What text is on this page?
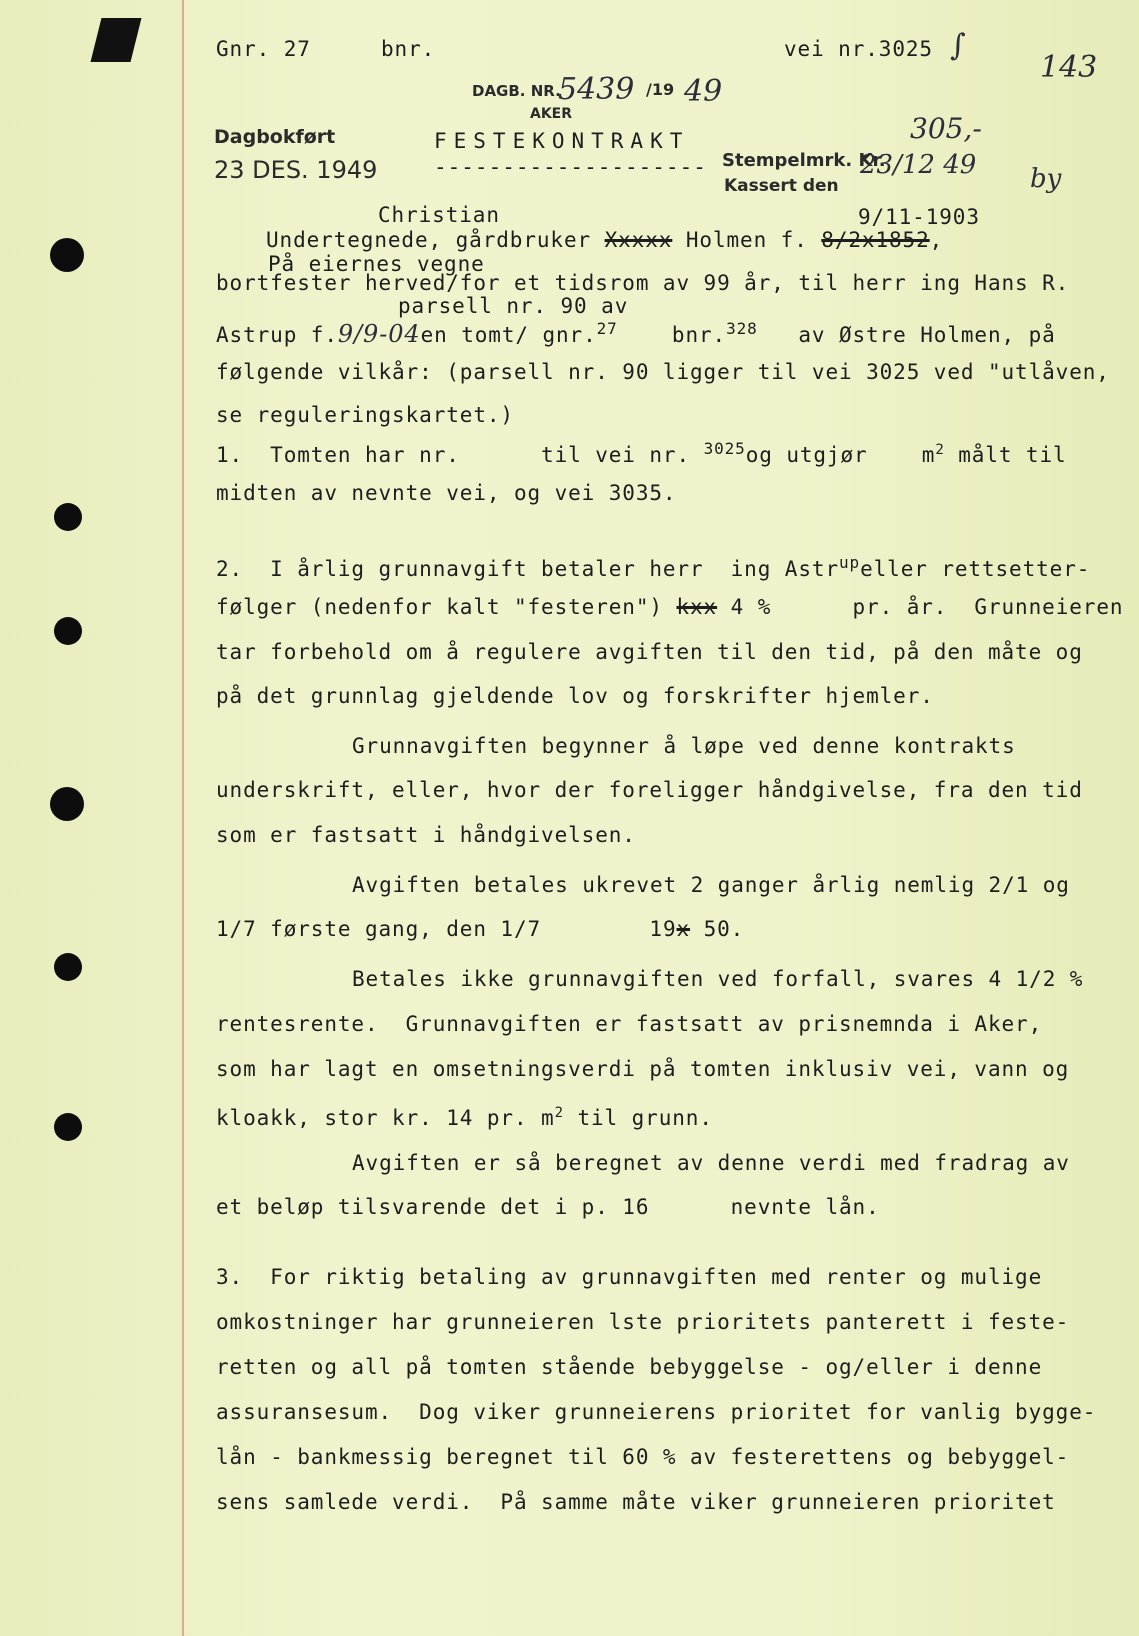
Gnr. 27	bnr.	vei nr.3025 ∫
143
DAGB. NR.
5439 /19 49
AKER
Dagbokført
23 DES. 1949
FESTEKONTRAKT
-------------------- Stempelmrk. Kr.
305,-
Kassert den
23/12 49 by
Christian	9/11-1903
Undertegnede, gårdbruker Xxxxx Holmen f. 8/2x1852,
På eiernes vegne
bortfester herved/for et tidsrom av 99 år, til herr ing Hans R.
parsell nr. 90 av
Astrup f.9/9-04en tomt/ gnr.$^{27}$	bnr.$^{328}$ av Østre Holmen, på
følgende vilkår: (parsell nr. 90 ligger til vei 3025 ved "utlåven,
se reguleringskartet.)
1.  Tomten har nr.      til vei nr. $^{3025}$og utgjør	$m^2$ målt til
midten av nevnte vei, og vei 3035.
2.  I årlig grunnavgift betaler herr  ing Astr$^{up}$eller rettsetter-
følger (nedenfor kalt "festeren") kxx 4 %      pr. år.  Grunneieren
tar forbehold om å regulere avgiften til den tid, på den måte og
på det grunnlag gjeldende lov og forskrifter hjemler.
Grunnavgiften begynner å løpe ved denne kontrakts
underskrift, eller, hvor der foreligger håndgivelse, fra den tid
som er fastsatt i håndgivelsen.
Avgiften betales ukrevet 2 ganger årlig nemlig 2/1 og
1/7 første gang, den 1/7	19x 50.
Betales ikke grunnavgiften ved forfall, svares 4 1/2 %
rentesrente.  Grunnavgiften er fastsatt av prisnemnda i Aker,
som har lagt en omsetningsverdi på tomten inklusiv vei, vann og
kloakk, stor kr. 14 pr. $m^2$ til grunn.
Avgiften er så beregnet av denne verdi med fradrag av
et beløp tilsvarende det i p. 16      nevnte lån.
3.  For riktig betaling av grunnavgiften med renter og mulige
omkostninger har grunneieren lste prioritets panterett i feste-
retten og all på tomten stående bebyggelse - og/eller i denne
assuransesum.  Dog viker grunneierens prioritet for vanlig bygge-
lån - bankmessig beregnet til 60 % av festerettens og bebyggel-
sens samlede verdi.  På samme måte viker grunneieren prioritet
